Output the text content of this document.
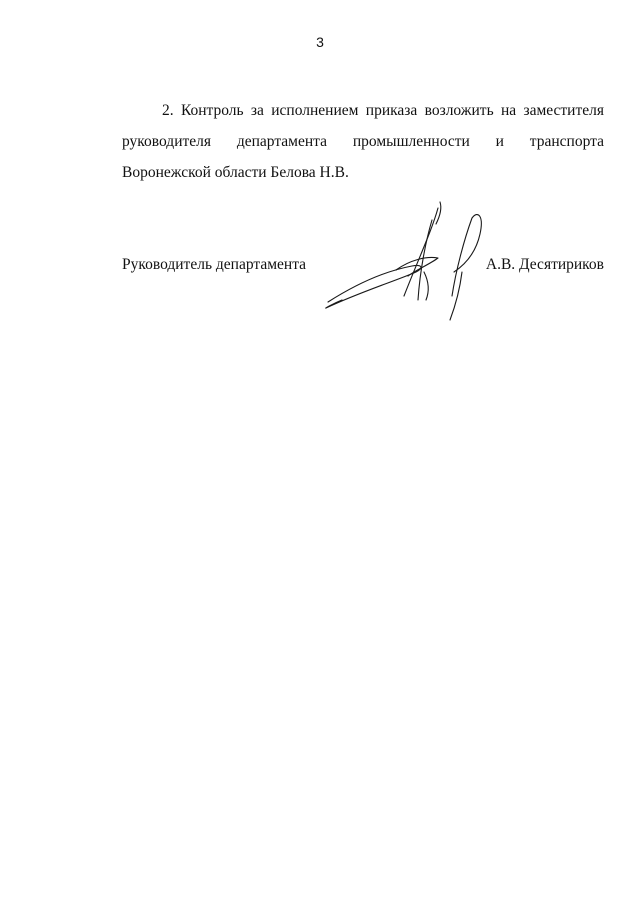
3

2. Контроль за исполнением приказа возложить на заместителя руководителя департамента промышленности и транспорта Воронежской области Белова Н.В.

Руководитель департамента	А.В. Десятириков
